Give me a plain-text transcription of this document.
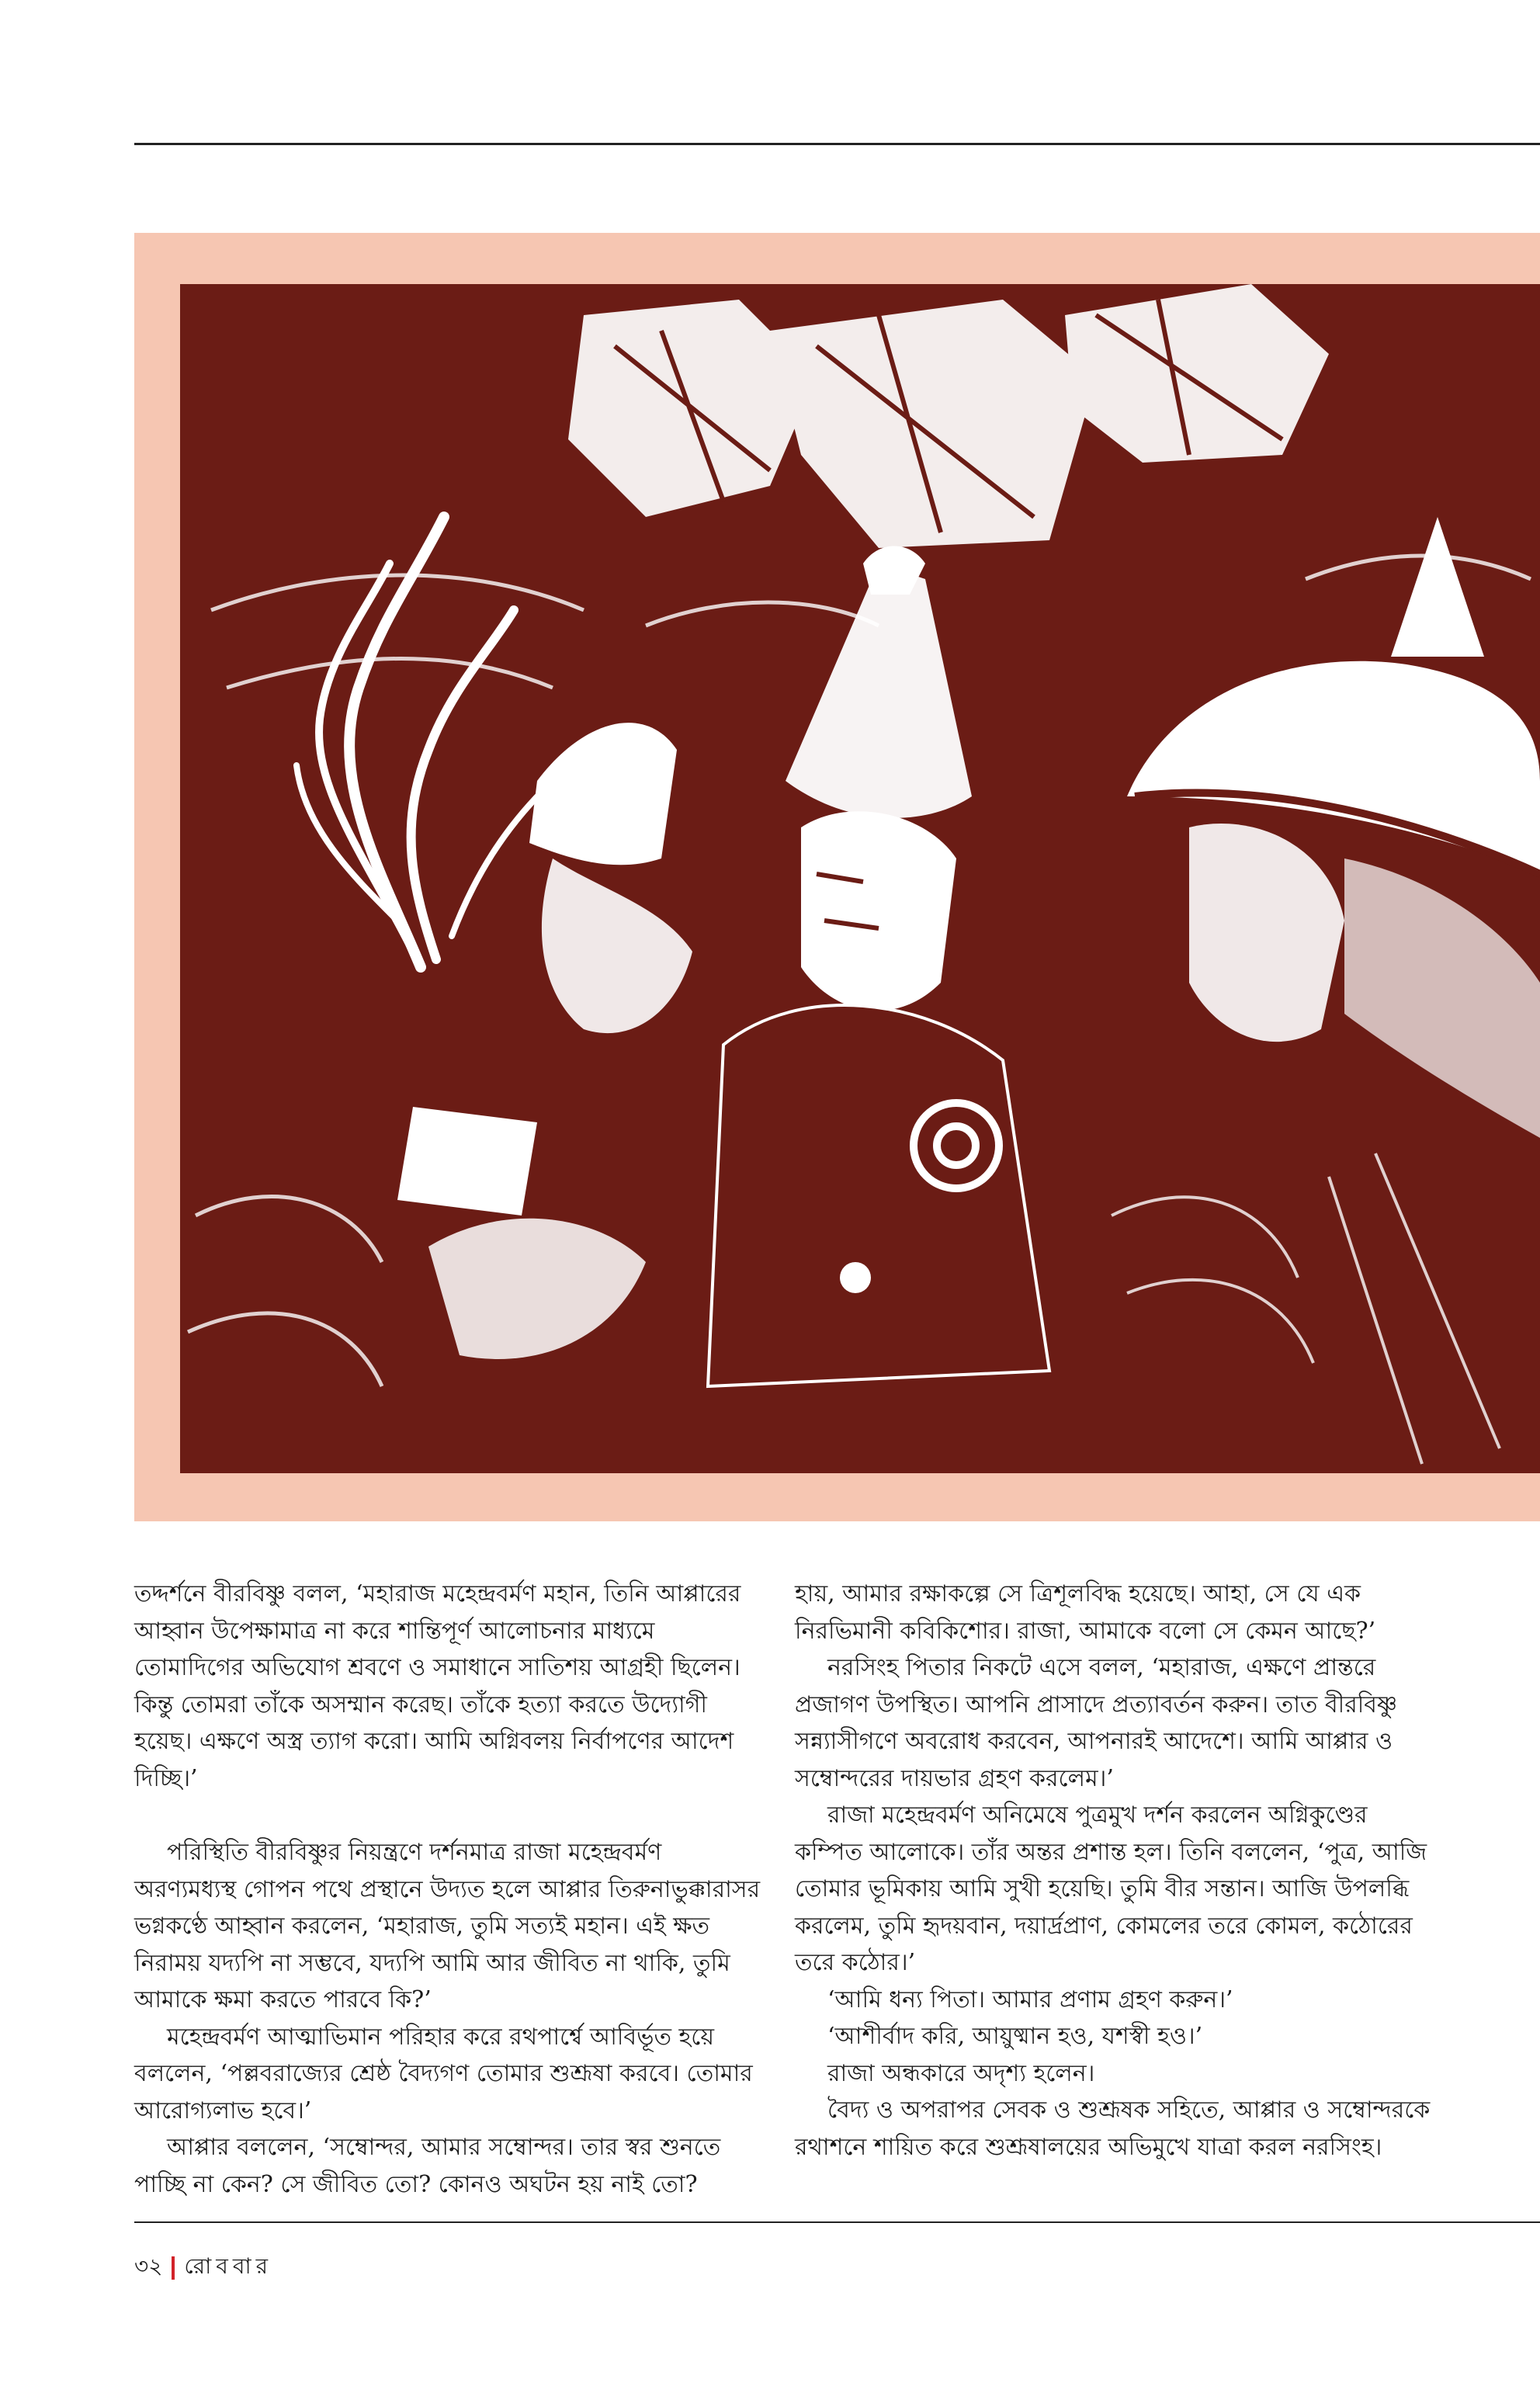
তদ্দর্শনে বীরবিষ্ণু বলল, ‘মহারাজ মহেন্দ্রবর্মণ মহান, তিনি আপ্পারের আহ্বান উপেক্ষামাত্র না করে শান্তিপূর্ণ আলোচনার মাধ্যমে তোমাদিগের অভিযোগ শ্রবণে ও সমাধানে সাতিশয় আগ্রহী ছিলেন। কিন্তু তোমরা তাঁকে অসম্মান করেছ। তাঁকে হত্যা করতে উদ্যোগী হয়েছ। এক্ষণে অস্ত্র ত্যাগ করো। আমি অগ্নিবলয় নির্বাপণের আদেশ দিচ্ছি।’

পরিস্থিতি বীরবিষ্ণুর নিয়ন্ত্রণে দর্শনমাত্র রাজা মহেন্দ্রবর্মণ অরণ্যমধ্যস্থ গোপন পথে প্রস্থানে উদ্যত হলে আপ্পার তিরুনাভুক্কারাসর ভগ্নকণ্ঠে আহ্বান করলেন, ‘মহারাজ, তুমি সত্যই মহান। এই ক্ষত নিরাময় যদ্যপি না সম্ভবে, যদ্যপি আমি আর জীবিত না থাকি, তুমি আমাকে ক্ষমা করতে পারবে কি?’

মহেন্দ্রবর্মণ আত্মাভিমান পরিহার করে রথপার্শ্বে আবির্ভূত হয়ে বললেন, ‘পল্লবরাজ্যের শ্রেষ্ঠ বৈদ্যগণ তোমার শুশ্রূষা করবে। তোমার আরোগ্যলাভ হবে।’

আপ্পার বললেন, ‘সম্বোন্দর, আমার সম্বোন্দর। তার স্বর শুনতে পাচ্ছি না কেন? সে জীবিত তো? কোনও অঘটন হয় নাই তো?

হায়, আমার রক্ষাকল্পে সে ত্রিশূলবিদ্ধ হয়েছে। আহা, সে যে এক নিরভিমানী কবিকিশোর। রাজা, আমাকে বলো সে কেমন আছে?’

নরসিংহ পিতার নিকটে এসে বলল, ‘মহারাজ, এক্ষণে প্রান্তরে প্রজাগণ উপস্থিত। আপনি প্রাসাদে প্রত্যাবর্তন করুন। তাত বীরবিষ্ণু সন্ন্যাসীগণে অবরোধ করবেন, আপনারই আদেশে। আমি আপ্পার ও সম্বোন্দরের দায়ভার গ্রহণ করলেম।’

রাজা মহেন্দ্রবর্মণ অনিমেষে পুত্রমুখ দর্শন করলেন অগ্নিকুণ্ডের কম্পিত আলোকে। তাঁর অন্তর প্রশান্ত হল। তিনি বললেন, ‘পুত্র, আজি তোমার ভূমিকায় আমি সুখী হয়েছি। তুমি বীর সন্তান। আজি উপলব্ধি করলেম, তুমি হৃদয়বান, দয়ার্দ্রপ্রাণ, কোমলের তরে কোমল, কঠোরের তরে কঠোর।’

‘আমি ধন্য পিতা। আমার প্রণাম গ্রহণ করুন।’

‘আশীর্বাদ করি, আয়ুষ্মান হও, যশস্বী হও।’

রাজা অন্ধকারে অদৃশ্য হলেন।

বৈদ্য ও অপরাপর সেবক ও শুশ্রূষক সহিতে, আপ্পার ও সম্বোন্দরকে রথাশনে শায়িত করে শুশ্রূষালয়ের অভিমুখে যাত্রা করল নরসিংহ।

৩২ রোববার
